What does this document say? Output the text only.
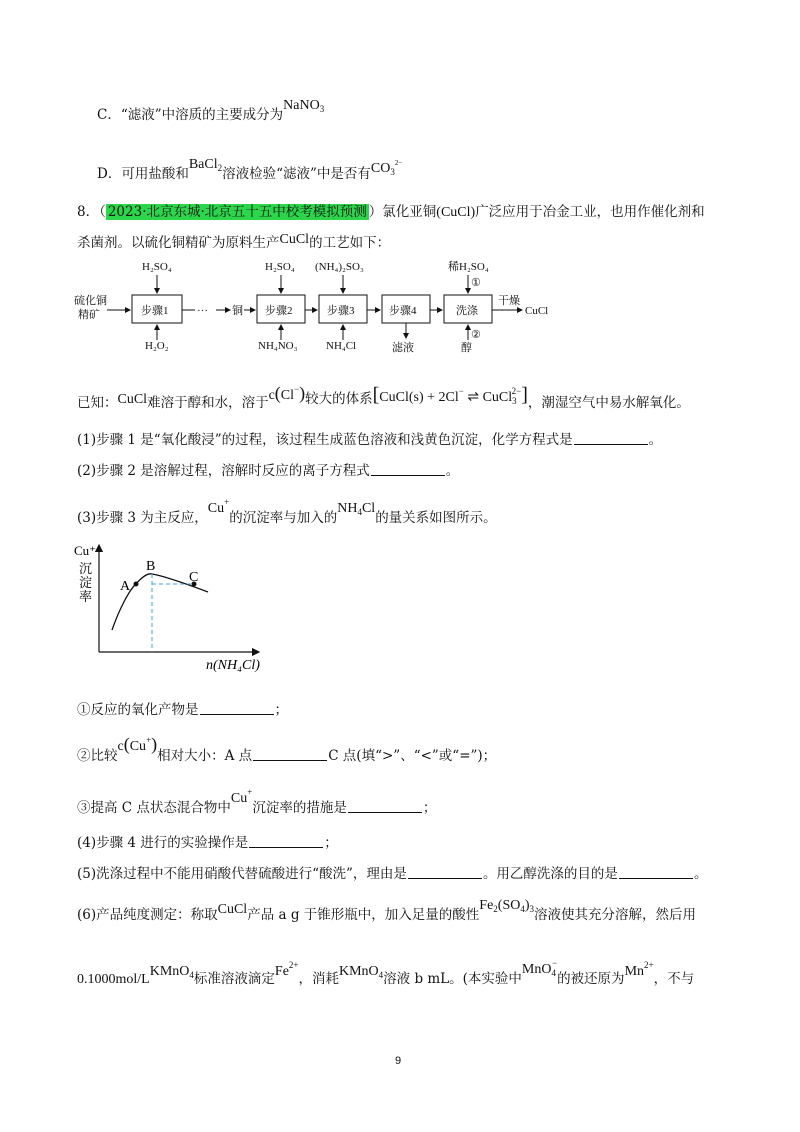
C．“滤液”中溶质的主要成分为NaNO$_3$
D．可用盐酸和BaCl$_2$溶液检验“滤液”中是否有$CO_3^{2-}$
8．（ 2023·北京东城·北京五十五中校考模拟预测 ）氯化亚铜(CuCl)广泛应用于冶金工业，也用作催化剂和
杀菌剂。以硫化铜精矿为原料生产CuCl的工艺如下：
硫化铜
精矿	步骤1
H₂SO₄
H₂O₂
··· 铜 步骤2
H₂SO₄
NH₄NO₃
步骤3
(NH₄)₂SO₃
NH₄Cl
步骤4
滤液
洗涤
稀H₂SO₄
①
②
醇
干燥
CuCl
已知：CuCl难溶于醇和水，溶于c(Cl−)较大的体系[CuCl(s) + 2Cl− ⇌ CuCl$_3^{2-}$]，潮湿空气中易水解氧化。
(1)步骤 1 是“氧化酸浸”的过程，该过程生成蓝色溶液和浅黄色沉淀，化学方程式是	。
(2)步骤 2 是溶解过程，溶解时反应的离子方程式	。
(3)步骤 3 为主反应，Cu+的沉淀率与加入的$NH_4Cl$的量关系如图所示。
Cu⁺
沉
淀
率
A
B
C
n(NH₄Cl)
①反应的氧化产物是	；
②比较c(Cu+)相对大小：A 点	C 点(填“>”、“<”或“=”)；
③提高 C 点状态混合物中Cu+沉淀率的措施是	；
(4)步骤 4 进行的实验操作是	；
(5)洗涤过程中不能用硝酸代替硫酸进行“酸洗”，理由是	。用乙醇洗涤的目的是	。
(6)产品纯度测定：称取CuCl产品 a g 于锥形瓶中，加入足量的酸性$Fe_2(SO_4)_3$溶液使其充分溶解，然后用
0.1000mol/LKMnO$_4$标准溶液滴定$Fe^{2+}$，消耗KMnO$_4$溶液 b mL。(本实验中MnO$_4$−的被还原为$Mn^{2+}$，不与
9
